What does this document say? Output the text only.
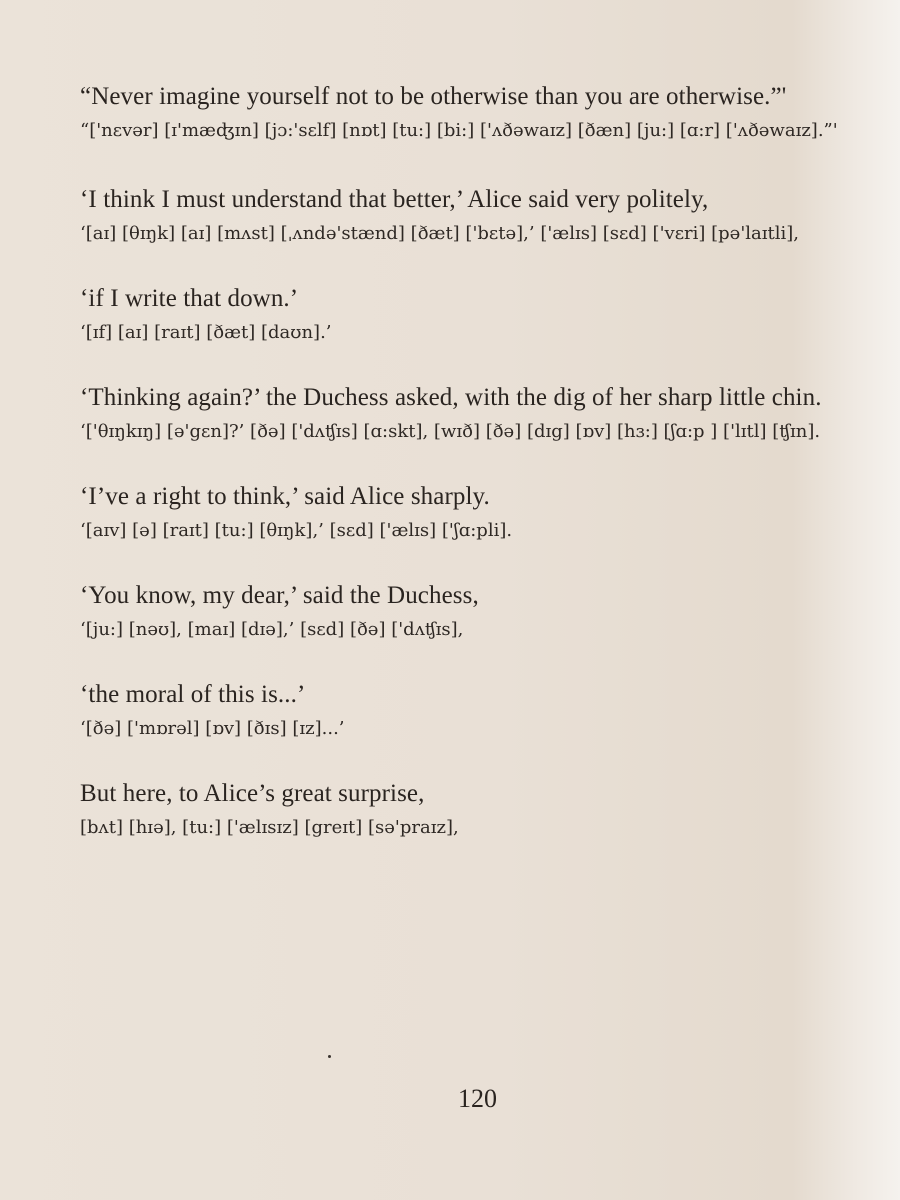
“Never imagine yourself not to be otherwise than you are otherwise.”'

“['nɛvər] [ɪ'mæʤɪn] [jɔ:'sɛlf] [nɒt] [tu:] [bi:] ['ʌðəwaɪz] [ðæn] [ju:] [ɑ:r] ['ʌðəwaɪz].”'

‘I think I must understand that better,’ Alice said very politely,

‘[aɪ] [θɪŋk] [aɪ] [mʌst] [ˌʌndə'stænd] [ðæt] ['bɛtə],’ ['ælɪs] [sɛd] ['vɛri] [pə'laɪtli],

‘if I write that down.’

‘[ɪf] [aɪ] [raɪt] [ðæt] [daʊn].’

‘Thinking again?’ the Duchess asked, with the dig of her sharp little chin.

‘['θɪŋkɪŋ] [ə'gɛn]?’ [ðə] ['dʌʧɪs] [ɑ:skt], [wɪð] [ðə] [dɪg] [ɒv] [hɜ:] [ʃɑ:p ] ['lɪtl] [ʧɪn].

‘I’ve a right to think,’ said Alice sharply.

‘[aɪv] [ə] [raɪt] [tu:] [θɪŋk],’ [sɛd] ['ælɪs] ['ʃɑ:pli].

‘You know, my dear,’ said the Duchess,

‘[ju:] [nəʊ], [maɪ] [dɪə],’ [sɛd] [ðə] ['dʌʧɪs],

‘the moral of this is...’

‘[ðə] ['mɒrəl] [ɒv] [ðɪs] [ɪz]...’

But here, to Alice’s great surprise,

[bʌt] [hɪə], [tu:] ['ælɪsɪz] [greɪt] [sə'praɪz],

120
